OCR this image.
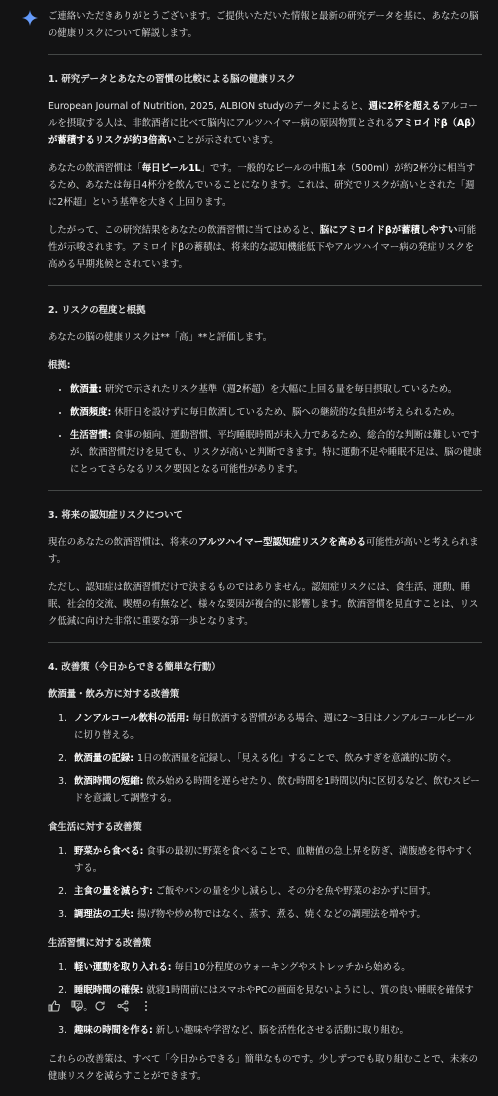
ご連絡いただきありがとうございます。ご提供いただいた情報と最新の研究データを基に、あなたの脳の健康リスクについて解説します。

1. 研究データとあなたの習慣の比較による脳の健康リスク

European Journal of Nutrition, 2025, ALBION studyのデータによると、週に2杯を超えるアルコールを摂取する人は、非飲酒者に比べて脳内にアルツハイマー病の原因物質とされるアミロイドβ（Aβ）が蓄積するリスクが約3倍高いことが示されています。

あなたの飲酒習慣は「毎日ビール1L」です。一般的なビールの中瓶1本（500ml）が約2杯分に相当するため、あなたは毎日4杯分を飲んでいることになります。これは、研究でリスクが高いとされた「週に2杯超」という基準を大きく上回ります。

したがって、この研究結果をあなたの飲酒習慣に当てはめると、脳にアミロイドβが蓄積しやすい可能性が示唆されます。アミロイドβの蓄積は、将来的な認知機能低下やアルツハイマー病の発症リスクを高める早期兆候とされています。

2. リスクの程度と根拠

あなたの脳の健康リスクは**「高」**と評価します。

根拠:
• 飲酒量: 研究で示されたリスク基準（週2杯超）を大幅に上回る量を毎日摂取しているため。
• 飲酒頻度: 休肝日を設けずに毎日飲酒しているため、脳への継続的な負担が考えられるため。
• 生活習慣: 食事の傾向、運動習慣、平均睡眠時間が未入力であるため、総合的な判断は難しいですが、飲酒習慣だけを見ても、リスクが高いと判断できます。特に運動不足や睡眠不足は、脳の健康にとってさらなるリスク要因となる可能性があります。
3. 将来の認知症リスクについて

現在のあなたの飲酒習慣は、将来のアルツハイマー型認知症リスクを高める可能性が高いと考えられます。

ただし、認知症は飲酒習慣だけで決まるものではありません。認知症リスクには、食生活、運動、睡眠、社会的交流、喫煙の有無など、様々な要因が複合的に影響します。飲酒習慣を見直すことは、リスク低減に向けた非常に重要な第一歩となります。

4. 改善策（今日からできる簡単な行動）
飲酒量・飲み方に対する改善策
1. ノンアルコール飲料の活用: 毎日飲酒する習慣がある場合、週に2〜3日はノンアルコールビールに切り替える。
2. 飲酒量の記録: 1日の飲酒量を記録し、「見える化」することで、飲みすぎを意識的に防ぐ。
3. 飲酒時間の短縮: 飲み始める時間を遅らせたり、飲む時間を1時間以内に区切るなど、飲むスピードを意識して調整する。
食生活に対する改善策
1. 野菜から食べる: 食事の最初に野菜を食べることで、血糖値の急上昇を防ぎ、満腹感を得やすくする。
2. 主食の量を減らす: ご飯やパンの量を少し減らし、その分を魚や野菜のおかずに回す。
3. 調理法の工夫: 揚げ物や炒め物ではなく、蒸す、煮る、焼くなどの調理法を増やす。
生活習慣に対する改善策
1. 軽い運動を取り入れる: 毎日10分程度のウォーキングやストレッチから始める。
2. 睡眠時間の確保: 就寝1時間前にはスマホやPCの画面を見ないようにし、質の良い睡眠を確保する。
3. 趣味の時間を作る: 新しい趣味や学習など、脳を活性化させる活動に取り組む。

これらの改善策は、すべて「今日からできる」簡単なものです。少しずつでも取り組むことで、未来の健康リスクを減らすことができます。
